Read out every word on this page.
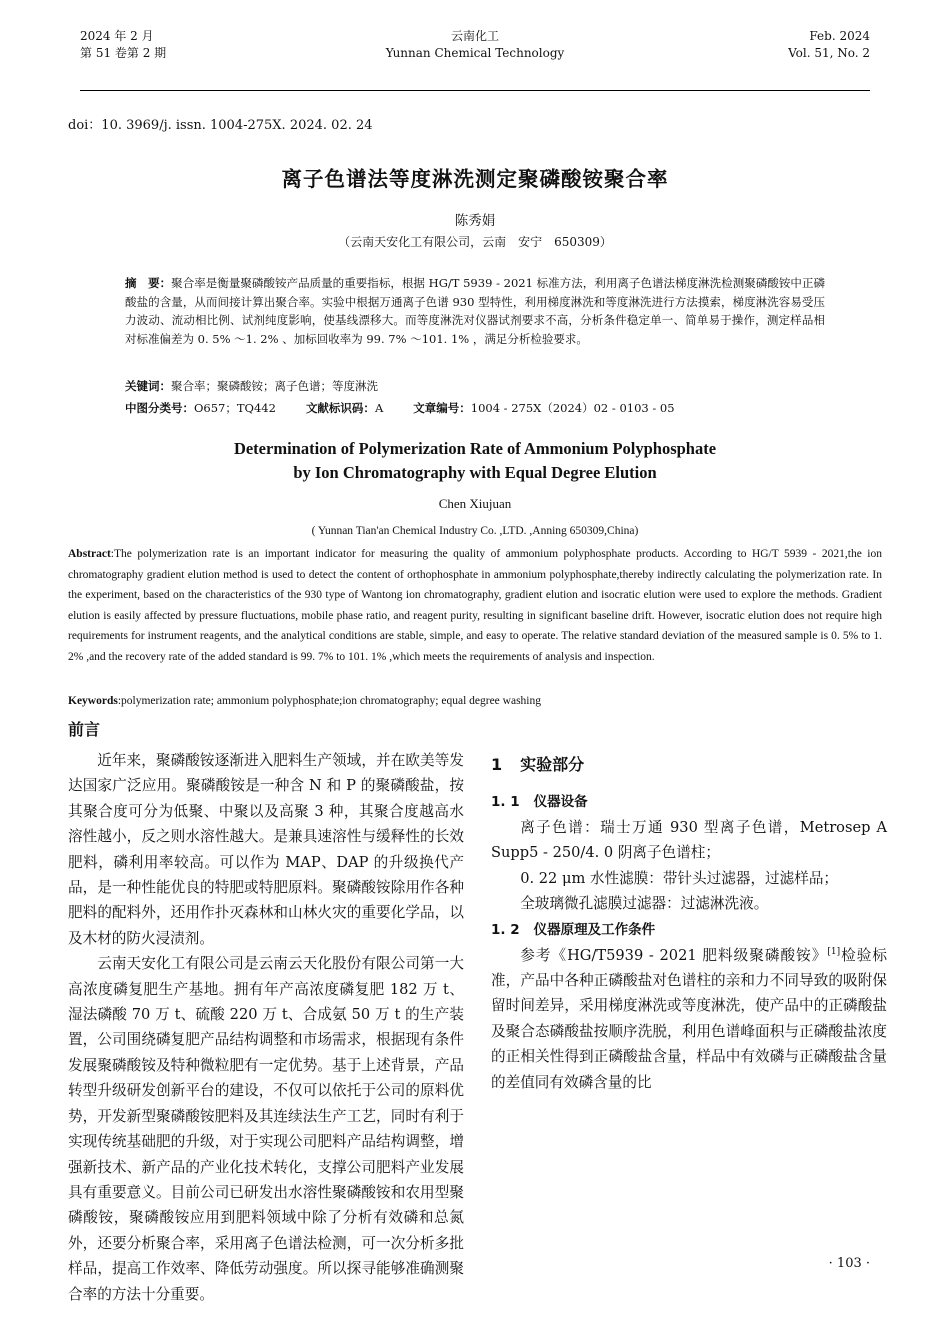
2024 年 2 月
第 51 卷第 2 期
云南化工
Yunnan Chemical Technology
Feb. 2024
Vol. 51, No. 2
doi：10. 3969/j. issn. 1004-275X. 2024. 02. 24
离子色谱法等度淋洗测定聚磷酸铵聚合率
陈秀娟
（云南天安化工有限公司，云南　安宁　650309）
摘　要：聚合率是衡量聚磷酸铵产品质量的重要指标，根据 HG/T 5939 - 2021 标准方法，利用离子色谱法梯度淋洗检测聚磷酸铵中正磷酸盐的含量，从而间接计算出聚合率。实验中根据万通离子色谱 930 型特性，利用梯度淋洗和等度淋洗进行方法摸索，梯度淋洗容易受压力波动、流动相比例、试剂纯度影响，使基线漂移大。而等度淋洗对仪器试剂要求不高，分析条件稳定单一、简单易于操作，测定样品相对标准偏差为 0. 5% ～1. 2% 、加标回收率为 99. 7% ～101. 1% ，满足分析检验要求。
关键词：聚合率；聚磷酸铵；离子色谱；等度淋洗
中图分类号：O657；TQ442	文献标识码：A	文章编号：1004 - 275X（2024）02 - 0103 - 05
Determination of Polymerization Rate of Ammonium Polyphosphate
by Ion Chromatography with Equal Degree Elution
Chen Xiujuan
( Yunnan Tian'an Chemical Industry Co. ,LTD. ,Anning 650309,China)
Abstract:The polymerization rate is an important indicator for measuring the quality of ammonium polyphosphate products. According to HG/T 5939 - 2021,the ion chromatography gradient elution method is used to detect the content of orthophosphate in ammonium polyphosphate,thereby indirectly calculating the polymerization rate. In the experiment, based on the characteristics of the 930 type of Wantong ion chromatography, gradient elution and isocratic elution were used to explore the methods. Gradient elution is easily affected by pressure fluctuations, mobile phase ratio, and reagent purity, resulting in significant baseline drift. However, isocratic elution does not require high requirements for instrument reagents, and the analytical conditions are stable, simple, and easy to operate. The relative standard deviation of the measured sample is 0. 5% to 1. 2% ,and the recovery rate of the added standard is 99. 7% to 101. 1% ,which meets the requirements of analysis and inspection.
Keywords:polymerization rate; ammonium polyphosphate;ion chromatography; equal degree washing
前言

近年来，聚磷酸铵逐渐进入肥料生产领域，并在欧美等发达国家广泛应用。聚磷酸铵是一种含 N 和 P 的聚磷酸盐，按其聚合度可分为低聚、中聚以及高聚 3 种，其聚合度越高水溶性越小，反之则水溶性越大。是兼具速溶性与缓释性的长效肥料，磷利用率较高。可以作为 MAP、DAP 的升级换代产品，是一种性能优良的特肥或特肥原料。聚磷酸铵除用作各种肥料的配料外，还用作扑灭森林和山林火灾的重要化学品，以及木材的防火浸渍剂。

云南天安化工有限公司是云南云天化股份有限公司第一大高浓度磷复肥生产基地。拥有年产高浓度磷复肥 182 万 t、湿法磷酸 70 万 t、硫酸 220 万 t、合成氨 50 万 t 的生产装置，公司围绕磷复肥产品结构调整和市场需求，根据现有条件发展聚磷酸铵及特种微粒肥有一定优势。基于上述背景，产品转型升级研发创新平台的建设，不仅可以依托于公司的原料优势，开发新型聚磷酸铵肥料及其连续法生产工艺，同时有利于实现传统基础肥的升级，对于实现公司肥料产品结构调整，增强新技术、新产品的产业化技术转化，支撑公司肥料产业发展具有重要意义。目前公司已研发出水溶性聚磷酸铵和农用型聚磷酸铵，聚磷酸铵应用到肥料领域中除了分析有效磷和总氮外，还要分析聚合率，采用离子色谱法检测，可一次分析多批样品，提高工作效率、降低劳动强度。所以探寻能够准确测聚合率的方法十分重要。

1 实验部分
1. 1 仪器设备

离子色谱：瑞士万通 930 型离子色谱，Metrosep A Supp5 - 250/4. 0 阴离子色谱柱；

0. 22 μm 水性滤膜：带针头过滤器，过滤样品；

全玻璃微孔滤膜过滤器：过滤淋洗液。

1. 2 仪器原理及工作条件

参考《HG/T5939 - 2021 肥料级聚磷酸铵》[1]检验标准，产品中各种正磷酸盐对色谱柱的亲和力不同导致的吸附保留时间差异，采用梯度淋洗或等度淋洗，使产品中的正磷酸盐及聚合态磷酸盐按顺序洗脱，利用色谱峰面积与正磷酸盐浓度的正相关性得到正磷酸盐含量，样品中有效磷与正磷酸盐含量的差值同有效磷含量的比

· 103 ·
